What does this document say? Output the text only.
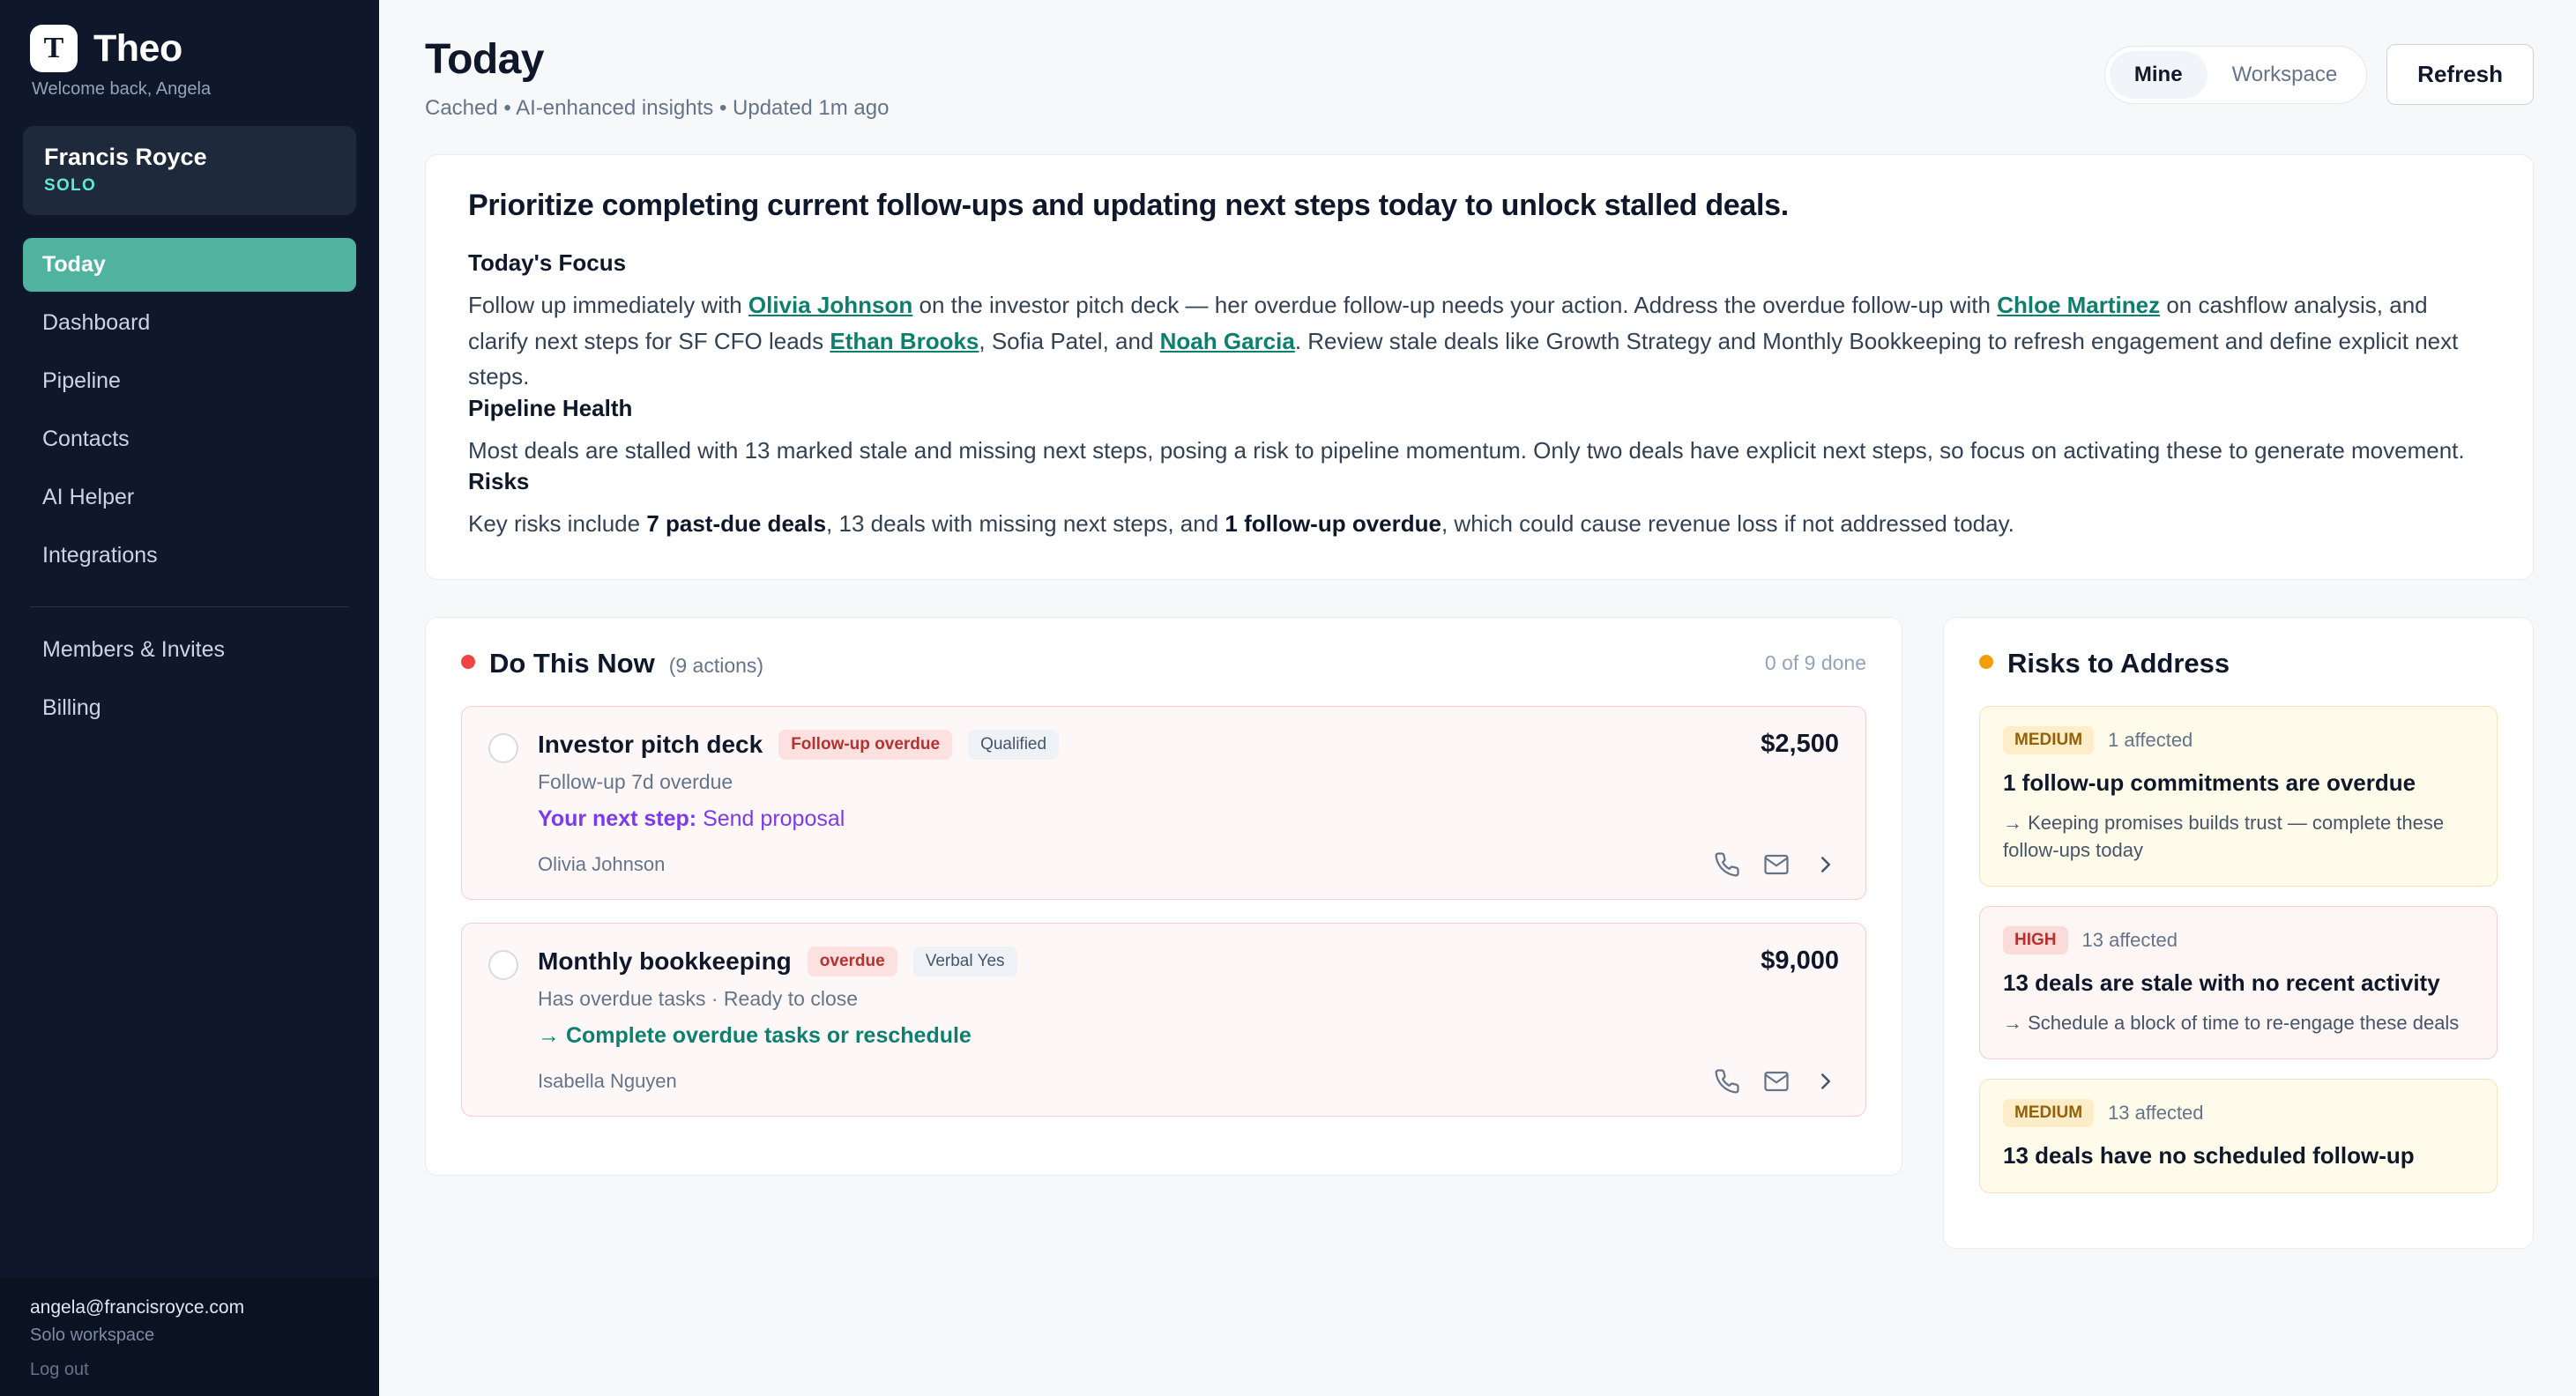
T Theo
Welcome back, Angela
Francis Royce
SOLO
Today
Dashboard
Pipeline
Contacts
AI Helper
Integrations
Members & Invites
Billing
angela@francisroyce.com
Solo workspace
Log out
Today
Cached • AI-enhanced insights • Updated 1m ago
Mine	Workspace	Refresh
Prioritize completing current follow-ups and updating next steps today to unlock stalled deals.
Today's Focus

Follow up immediately with Olivia Johnson on the investor pitch deck — her overdue follow-up needs your action. Address the overdue follow-up with Chloe Martinez on cashflow analysis, and clarify next steps for SF CFO leads Ethan Brooks, Sofia Patel, and Noah Garcia. Review stale deals like Growth Strategy and Monthly Bookkeeping to refresh engagement and define explicit next steps.

Pipeline Health

Most deals are stalled with 13 marked stale and missing next steps, posing a risk to pipeline momentum. Only two deals have explicit next steps, so focus on activating these to generate movement.

Risks

Key risks include 7 past-due deals, 13 deals with missing next steps, and 1 follow-up overdue, which could cause revenue loss if not addressed today.

Do This Now (9 actions)	0 of 9 done
Investor pitch deck	Follow-up overdue	Qualified	$2,500
Follow-up 7d overdue
Your next step: Send proposal
Olivia Johnson
Monthly bookkeeping	overdue	Verbal Yes	$9,000
Has overdue tasks · Ready to close
→ Complete overdue tasks or reschedule
Isabella Nguyen
Risks to Address
MEDIUM	1 affected
1 follow-up commitments are overdue
→ Keeping promises builds trust — complete these follow-ups today
HIGH	13 affected
13 deals are stale with no recent activity
→ Schedule a block of time to re-engage these deals
MEDIUM	13 affected
13 deals have no scheduled follow-up
